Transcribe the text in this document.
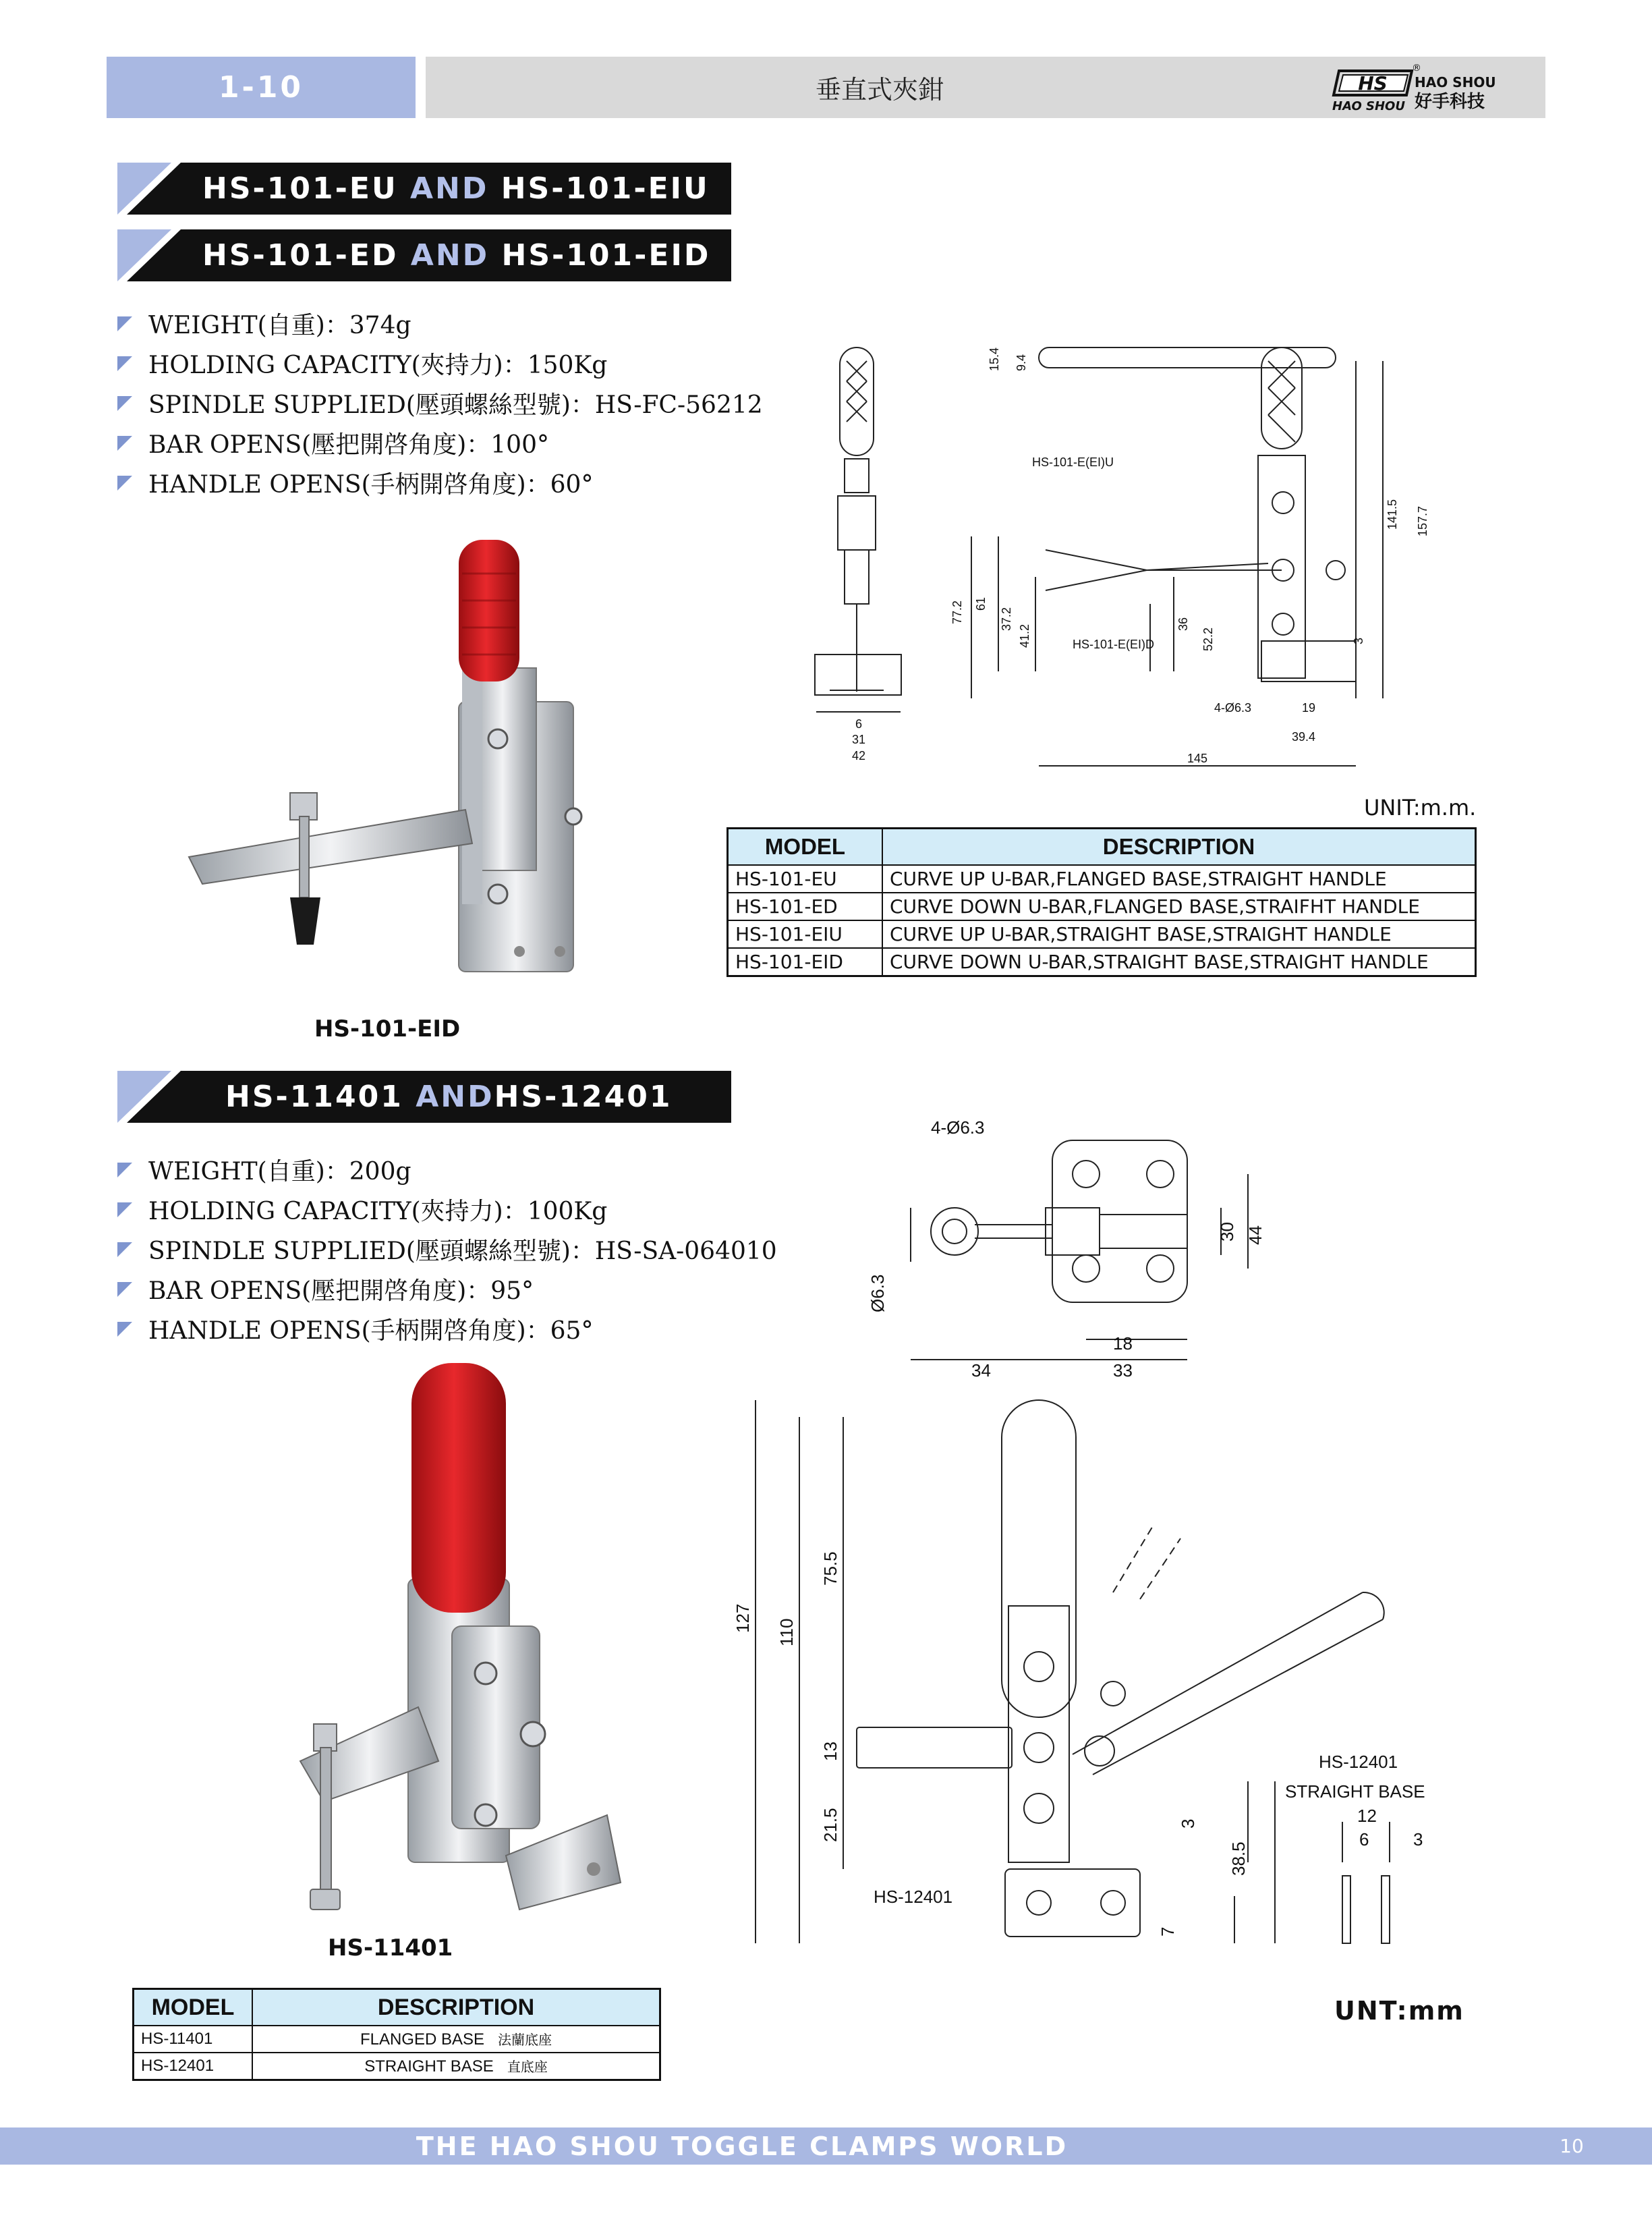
1-10	垂直式夾鉗	HS
®
HAO SHOU
HAO SHOU
好手科技
HS-101-EU
AND
HS-101-EIU
HS-101-ED
AND
HS-101-EID
WEIGHT(自重)：374g
HOLDING CAPACITY(夾持力)：150Kg
SPINDLE SUPPLIED(壓頭螺絲型號)：HS-FC-56212
BAR OPENS(壓把開啓角度)：100°
HANDLE OPENS(手柄開啓角度)：60°
HS-101-EID
HS-101-E(EI)U
HS-101-E(EI)D
4-Ø6.3
15.4 9.4
141.5 157.7
61
77.2	37.2
41.2	36
52.2	3
19
39.4
145
6
31
42
UNIT:m.m.
MODEL	DESCRIPTION
HS-101-EU	CURVE UP U-BAR,FLANGED BASE,STRAIGHT HANDLE
HS-101-ED	CURVE DOWN U-BAR,FLANGED BASE,STRAIFHT HANDLE
HS-101-EIU	CURVE UP U-BAR,STRAIGHT BASE,STRAIGHT HANDLE
HS-101-EID	CURVE DOWN U-BAR,STRAIGHT BASE,STRAIGHT HANDLE
HS-11401
AND HS-12401
WEIGHT(自重)：200g
HOLDING CAPACITY(夾持力)：100Kg
SPINDLE SUPPLIED(壓頭螺絲型號)：HS-SA-064010
BAR OPENS(壓把開啓角度)：95°
HANDLE OPENS(手柄開啓角度)：65°
HS-11401
4-Ø6.3
30 44
Ø6.3
18
34	33
127 110
75.5
13
21.5	3
38.5
7
HS-12401
HS-12401
STRAIGHT BASE
12
6	3
UNT:mm
MODEL	DESCRIPTION
HS-11401	FLANGED BASE 法蘭底座
HS-12401	STRAIGHT BASE 直底座
THE HAO SHOU TOGGLE CLAMPS WORLD	10
